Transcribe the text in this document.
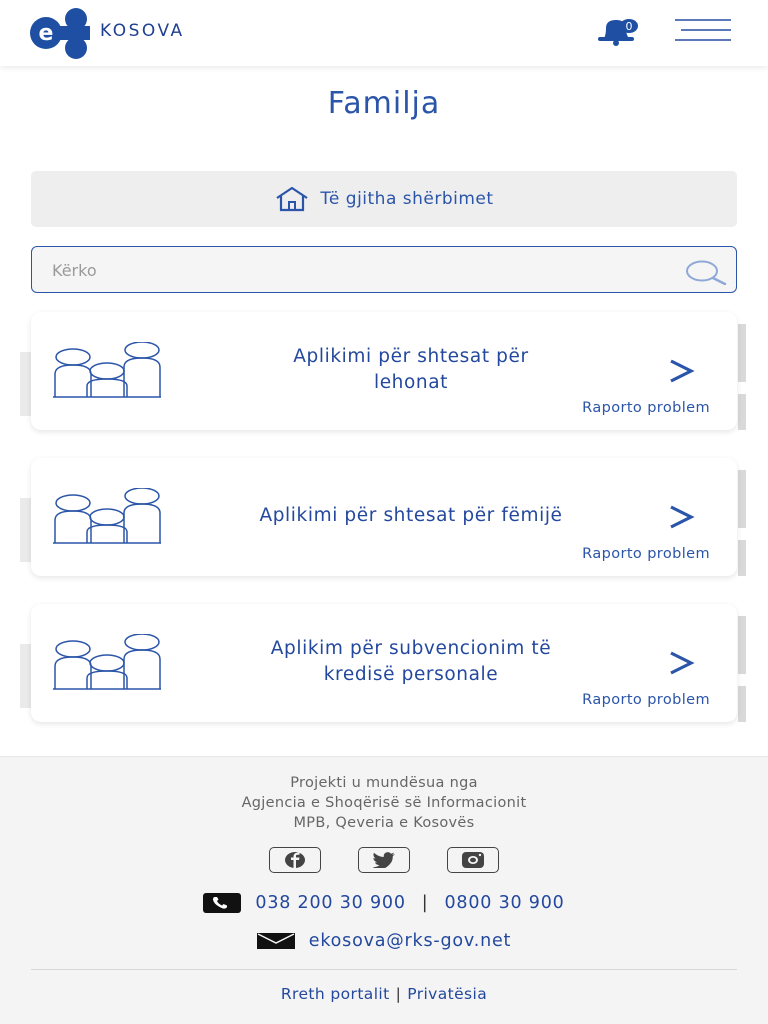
e	KOSOVA	0
Familja
Të gjitha shërbimet
Kërko
Aplikimi për shtesat për
lehonat
Raporto problem
Aplikimi për shtesat për fëmijë
Raporto problem
Aplikim për subvencionim të
kredisë personale
Raporto problem
Projekti u mundësua nga
Agjencia e Shoqërisë së Informacionit
MPB, Qeveria e Kosovës
038 200 30 900 | 0800 30 900
ekosova@rks-gov.net
Rreth portalit | Privatësia
